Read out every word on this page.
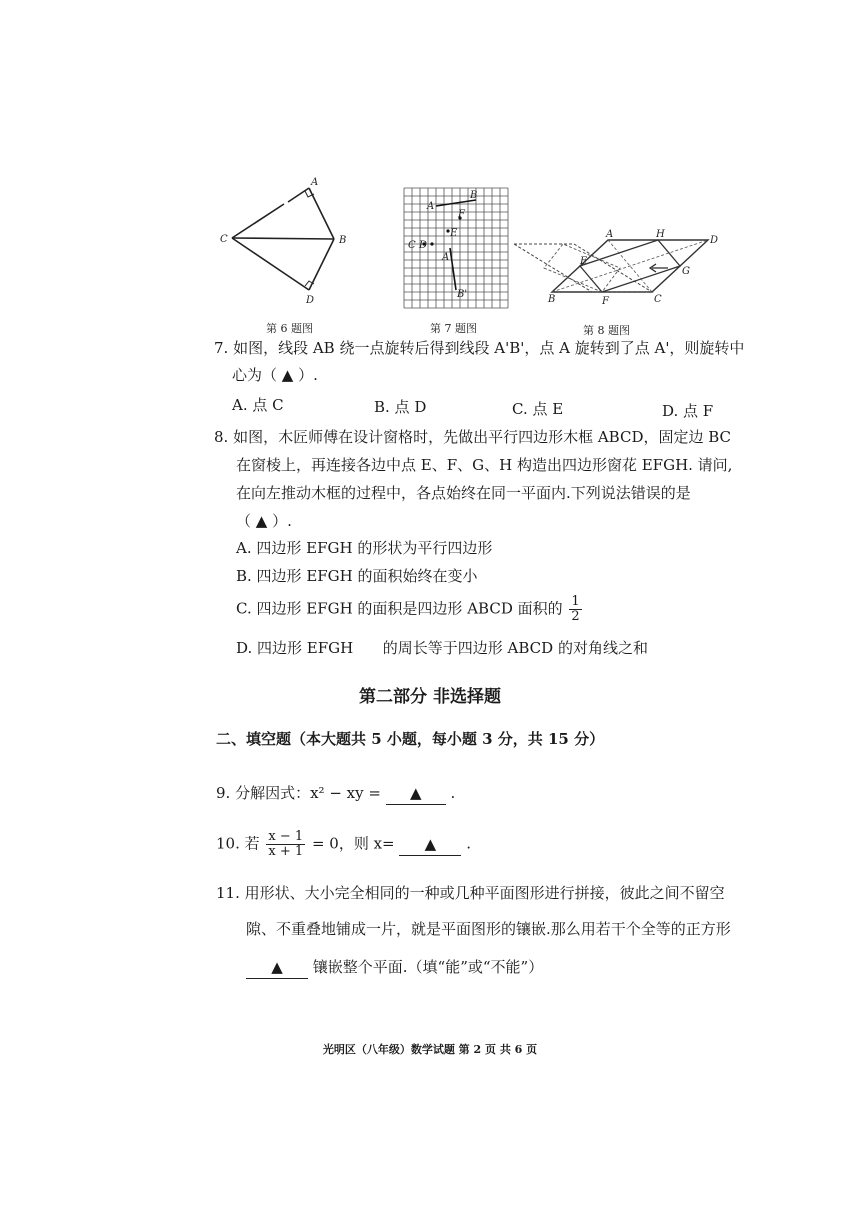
A
B
C
D
第 6 题图
B
A
F
E
C D
A'
B'
第 7 题图
A	H
D
E
G
B	F	C
第 8 题图
7. 如图，线段 AB 绕一点旋转后得到线段 A'B'，点 A 旋转到了点 A'，则旋转中
心为（ ▲ ）.
A. 点 C	B. 点 D	C. 点 E	D. 点 F
8. 如图，木匠师傅在设计窗格时，先做出平行四边形木框 ABCD，固定边 BC
在窗棱上，再连接各边中点 E、F、G、H 构造出四边形窗花 EFGH. 请问,
在向左推动木框的过程中，各点始终在同一平面内.下列说法错误的是
（ ▲ ）.
A. 四边形 EFGH 的形状为平行四边形
B. 四边形 EFGH 的面积始终在变小
C. 四边形 EFGH 的面积是四边形 ABCD 面积的 $\frac{1}{2}$
D. 四边形 EFGH 的周长等于四边形 ABCD 的对角线之和
第二部分 非选择题
二、填空题（本大题共 5 小题，每小题 3 分，共 15 分）
9. 分解因式：x² − xy = ▲ .
10. 若 $\frac{x - 1}{x + 1} = 0$，则 x= ▲ .
11. 用形状、大小完全相同的一种或几种平面图形进行拼接，彼此之间不留空
隙、不重叠地铺成一片，就是平面图形的镶嵌.那么用若干个全等的正方形
▲ 镶嵌整个平面.（填“能”或“不能”）
光明区（八年级）数学试题 第 2 页 共 6 页
